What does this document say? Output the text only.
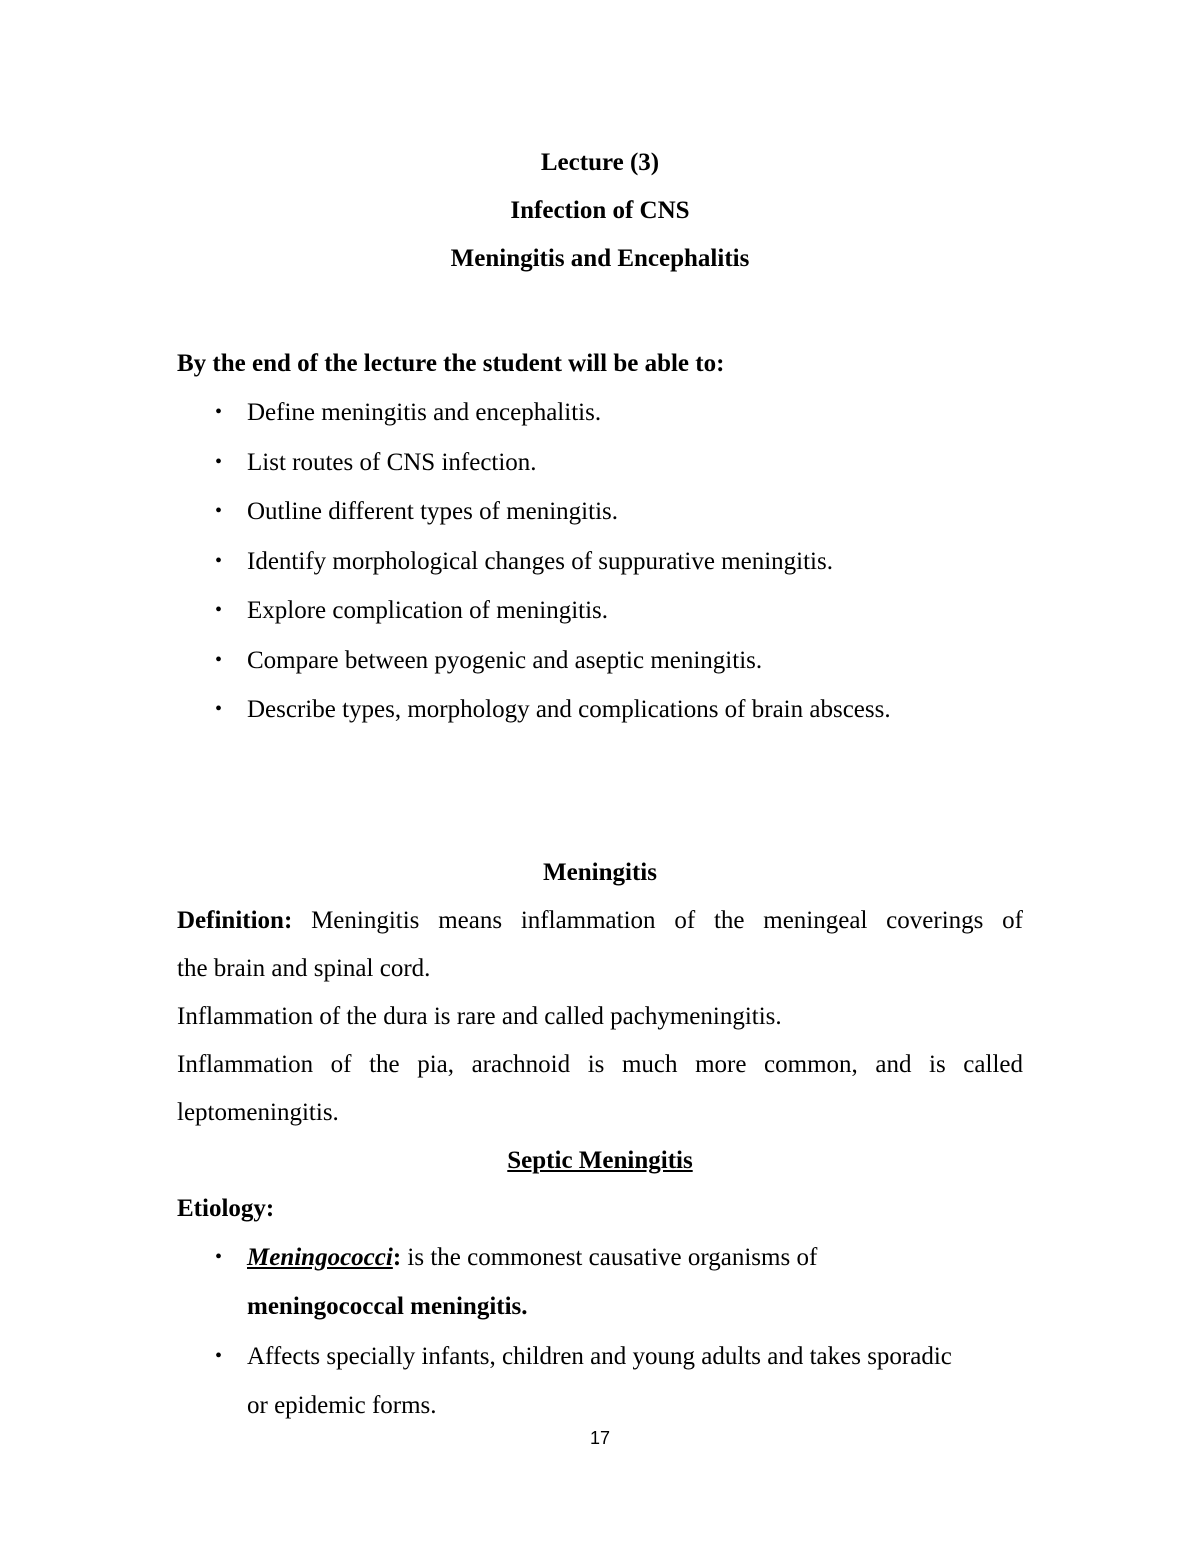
Lecture (3)

Infection of CNS

Meningitis and Encephalitis

By the end of the lecture the student will be able to:

• Define meningitis and encephalitis.
• List routes of CNS infection.
• Outline different types of meningitis.
• Identify morphological changes of suppurative meningitis.
• Explore complication of meningitis.
• Compare between pyogenic and aseptic meningitis.
• Describe types, morphology and complications of brain abscess.

Meningitis

Definition: Meningitis means inflammation of the meningeal coverings of

the brain and spinal cord.

Inflammation of the dura is rare and called pachymeningitis.

Inflammation of the pia, arachnoid is much more common, and is called

leptomeningitis.

Septic Meningitis

Etiology:

• Meningococci: is the commonest causative organisms of
meningococcal meningitis.
• Affects specially infants, children and young adults and takes sporadic
or epidemic forms.
17
